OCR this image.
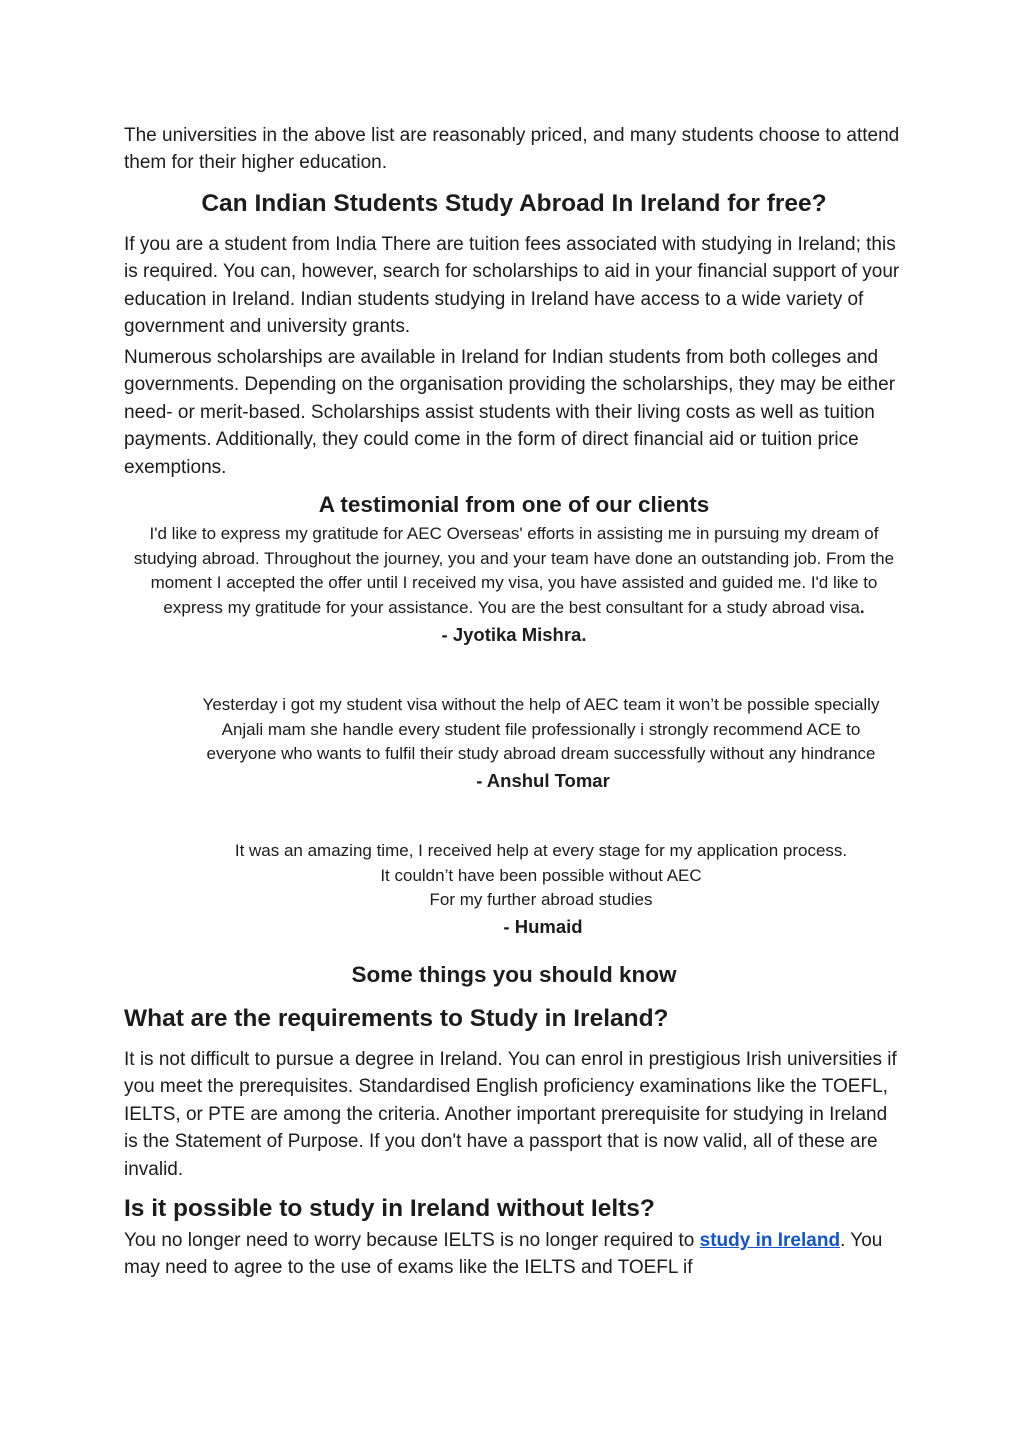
The universities in the above list are reasonably priced, and many students choose to attend them for their higher education.

Can Indian Students Study Abroad In Ireland for free?

If you are a student from India There are tuition fees associated with studying in Ireland; this is required. You can, however, search for scholarships to aid in your financial support of your education in Ireland. Indian students studying in Ireland have access to a wide variety of government and university grants.

Numerous scholarships are available in Ireland for Indian students from both colleges and governments. Depending on the organisation providing the scholarships, they may be either need- or merit-based. Scholarships assist students with their living costs as well as tuition payments. Additionally, they could come in the form of direct financial aid or tuition price exemptions.

A testimonial from one of our clients
I'd like to express my gratitude for AEC Overseas' efforts in assisting me in pursuing my dream of studying abroad. Throughout the journey, you and your team have done an outstanding job. From the moment I accepted the offer until I received my visa, you have assisted and guided me. I'd like to express my gratitude for your assistance. You are the best consultant for a study abroad visa.
- Jyotika Mishra.
Yesterday i got my student visa without the help of AEC team it won’t be possible specially Anjali mam she handle every student file professionally i strongly recommend ACE to everyone who wants to fulfil their study abroad dream successfully without any hindrance
- Anshul Tomar
It was an amazing time, I received help at every stage for my application process.
It couldn’t have been possible without AEC
For my further abroad studies
- Humaid
Some things you should know
What are the requirements to Study in Ireland?

It is not difficult to pursue a degree in Ireland. You can enrol in prestigious Irish universities if you meet the prerequisites. Standardised English proficiency examinations like the TOEFL, IELTS, or PTE are among the criteria. Another important prerequisite for studying in Ireland is the Statement of Purpose. If you don't have a passport that is now valid, all of these are invalid.

Is it possible to study in Ireland without Ielts?

You no longer need to worry because IELTS is no longer required to study in Ireland. You may need to agree to the use of exams like the IELTS and TOEFL if
